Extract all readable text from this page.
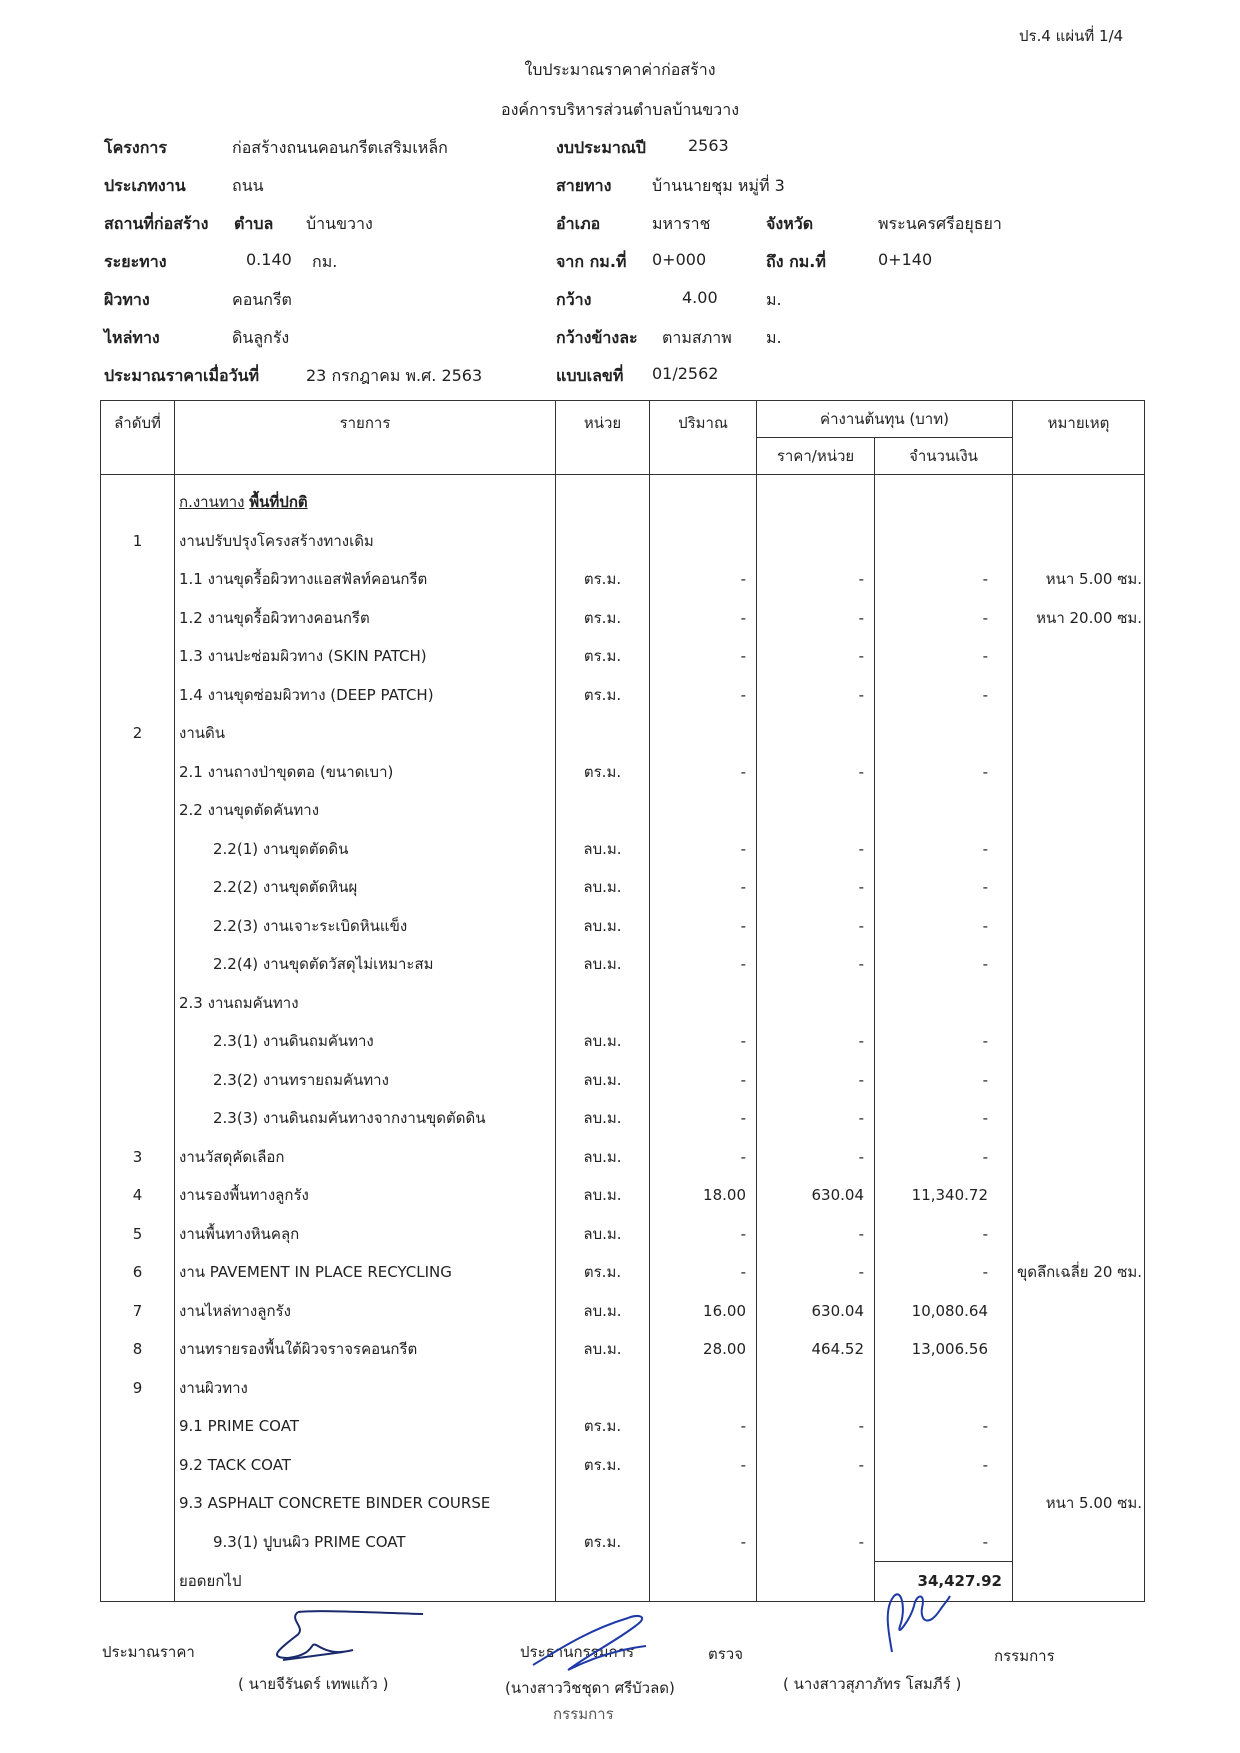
ปร.4 แผ่นที่ 1/4
ใบประมาณราคาค่าก่อสร้าง
องค์การบริหารส่วนตำบลบ้านขวาง
โครงการ	ก่อสร้างถนนคอนกรีตเสริมเหล็ก	งบประมาณปี	2563
ประเภทงาน	ถนน	สายทาง	บ้านนายชุม หมู่ที่ 3
สถานที่ก่อสร้าง ตำบล บ้านขวาง	อำเภอ	มหาราช	จังหวัด	พระนครศรีอยุธยา
ระยะทาง	0.140 กม.	จาก กม.ที่ 0+000	ถึง กม.ที่	0+140
ผิวทาง	คอนกรีต	กว้าง	4.00	ม.
ไหล่ทาง	ดินลูกรัง	กว้างข้างละ ตามสภาพ ม.
ประมาณราคาเมื่อวันที่	23 กรกฎาคม พ.ศ. 2563	แบบเลขที่ 01/2562
ลำดับที่	รายการ	หน่วย	ปริมาณ	ค่างานต้นทุน (บาท)		หมายเหตุ
				ราคา/หน่วย	จำนวนเงิน	
	ก.งานทาง พื้นที่ปกติ					
1	งานปรับปรุงโครงสร้างทางเดิม					
	1.1 งานขุดรื้อผิวทางแอสฟัลท์คอนกรีต	ตร.ม.	-	-	-	หนา 5.00 ซม.
	1.2 งานขุดรื้อผิวทางคอนกรีต	ตร.ม.	-	-	-	หนา 20.00 ซม.
	1.3 งานปะซ่อมผิวทาง (SKIN PATCH)	ตร.ม.	-	-	-	
	1.4 งานขุดซ่อมผิวทาง (DEEP PATCH)	ตร.ม.	-	-	-	
2	งานดิน					
	2.1 งานถางป่าขุดตอ (ขนาดเบา)	ตร.ม.	-	-	-	
	2.2 งานขุดตัดคันทาง					
	2.2(1) งานขุดตัดดิน	ลบ.ม.	-	-	-	
	2.2(2) งานขุดตัดหินผุ	ลบ.ม.	-	-	-	
	2.2(3) งานเจาะระเบิดหินแข็ง	ลบ.ม.	-	-	-	
	2.2(4) งานขุดตัดวัสดุไม่เหมาะสม	ลบ.ม.	-	-	-	
	2.3 งานถมคันทาง					
	2.3(1) งานดินถมคันทาง	ลบ.ม.	-	-	-	
	2.3(2) งานทรายถมคันทาง	ลบ.ม.	-	-	-	
	2.3(3) งานดินถมคันทางจากงานขุดตัดดิน	ลบ.ม.	-	-	-	
3	งานวัสดุคัดเลือก	ลบ.ม.	-	-	-	
4	งานรองพื้นทางลูกรัง	ลบ.ม.	18.00	630.04	11,340.72	
5	งานพื้นทางหินคลุก	ลบ.ม.	-	-	-	
6	งาน PAVEMENT IN PLACE RECYCLING	ตร.ม.	-	-	-	ขุดลึกเฉลี่ย 20 ซม.
7	งานไหล่ทางลูกรัง	ลบ.ม.	16.00	630.04	10,080.64	
8	งานทรายรองพื้นใต้ผิวจราจรคอนกรีต	ลบ.ม.	28.00	464.52	13,006.56	
9	งานผิวทาง					
	9.1 PRIME COAT	ตร.ม.	-	-	-	
	9.2 TACK COAT	ตร.ม.	-	-	-	
	9.3 ASPHALT CONCRETE BINDER COURSE					หนา 5.00 ซม.
	9.3(1) ปูบนผิว PRIME COAT	ตร.ม.	-	-	-	
	ยอดยกไป				34,427.92	
ประมาณราคา
( นายจีรันดร์ เทพแก้ว )
ประธานกรรมการ	ตรวจ
(นางสาววิชชุดา ศรีบัวลด)
กรรมการ
กรรมการ
( นางสาวสุภาภัทร โสมภีร์ )
